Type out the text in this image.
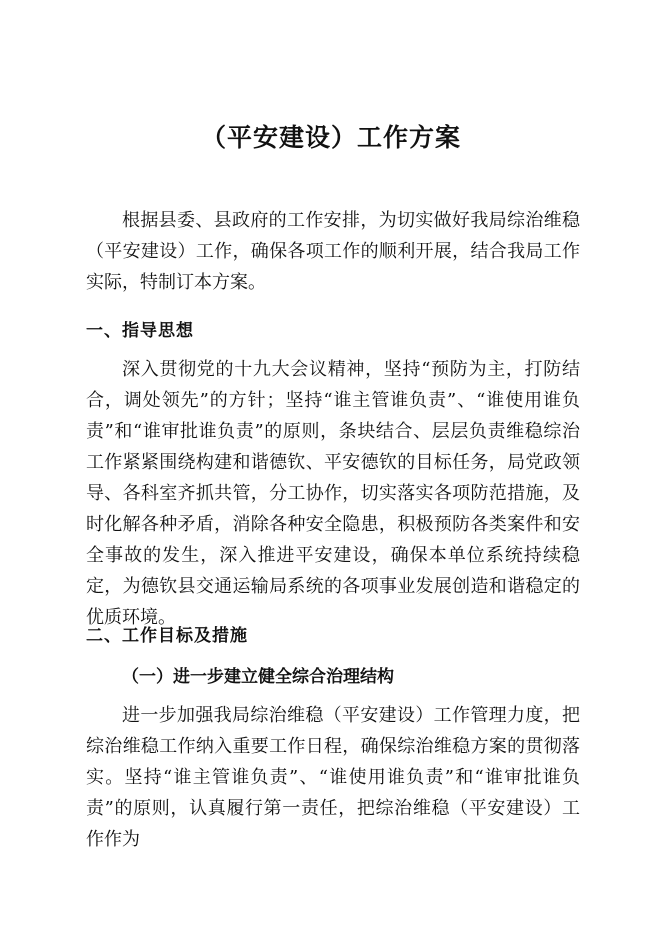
（平安建设）工作方案

根据县委、县政府的工作安排，为切实做好我局综治维稳（平安建设）工作，确保各项工作的顺利开展，结合我局工作实际，特制订本方案。

一、指导思想

深入贯彻党的十九大会议精神，坚持“预防为主，打防结合，调处领先”的方针；坚持“谁主管谁负责”、“谁使用谁负责”和“谁审批谁负责”的原则，条块结合、层层负责维稳综治工作紧紧围绕构建和谐德钦、平安德钦的目标任务，局党政领导、各科室齐抓共管，分工协作，切实落实各项防范措施，及时化解各种矛盾，消除各种安全隐患，积极预防各类案件和安全事故的发生，深入推进平安建设，确保本单位系统持续稳定，为德钦县交通运输局系统的各项事业发展创造和谐稳定的优质环境。

二、工作目标及措施
（一）进一步建立健全综合治理结构

进一步加强我局综治维稳（平安建设）工作管理力度，把综治维稳工作纳入重要工作日程，确保综治维稳方案的贯彻落实。坚持“谁主管谁负责”、“谁使用谁负责”和“谁审批谁负责”的原则，认真履行第一责任，把综治维稳（平安建设）工作作为
